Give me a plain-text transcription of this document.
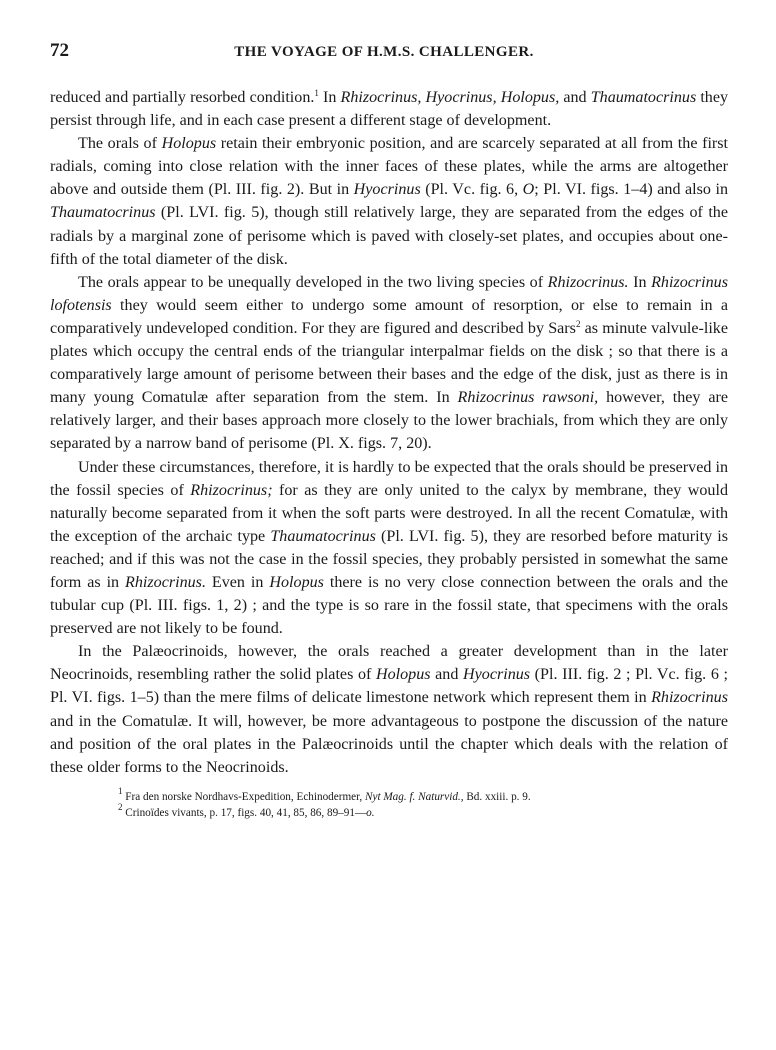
72	THE VOYAGE OF H.M.S. CHALLENGER.

reduced and partially resorbed condition.$^1$ In Rhizocrinus, Hyocrinus, Holopus, and Thaumatocrinus they persist through life, and in each case present a different stage of development.

The orals of Holopus retain their embryonic position, and are scarcely separated at all from the first radials, coming into close relation with the inner faces of these plates, while the arms are altogether above and outside them (Pl. III. fig. 2). But in Hyocrinus (Pl. Vc. fig. 6, O; Pl. VI. figs. 1–4) and also in Thaumatocrinus (Pl. LVI. fig. 5), though still relatively large, they are separated from the edges of the radials by a marginal zone of perisome which is paved with closely-set plates, and occupies about one-fifth of the total diameter of the disk.

The orals appear to be unequally developed in the two living species of Rhizocrinus. In Rhizocrinus lofotensis they would seem either to undergo some amount of resorption, or else to remain in a comparatively undeveloped condition. For they are figured and described by Sars$^2$ as minute valvule-like plates which occupy the central ends of the triangular interpalmar fields on the disk ; so that there is a comparatively large amount of perisome between their bases and the edge of the disk, just as there is in many young Comatulæ after separation from the stem. In Rhizocrinus rawsoni, however, they are relatively larger, and their bases approach more closely to the lower brachials, from which they are only separated by a narrow band of perisome (Pl. X. figs. 7, 20).

Under these circumstances, therefore, it is hardly to be expected that the orals should be preserved in the fossil species of Rhizocrinus; for as they are only united to the calyx by membrane, they would naturally become separated from it when the soft parts were destroyed. In all the recent Comatulæ, with the exception of the archaic type Thaumatocrinus (Pl. LVI. fig. 5), they are resorbed before maturity is reached; and if this was not the case in the fossil species, they probably persisted in somewhat the same form as in Rhizocrinus. Even in Holopus there is no very close connection between the orals and the tubular cup (Pl. III. figs. 1, 2) ; and the type is so rare in the fossil state, that specimens with the orals preserved are not likely to be found.

In the Palæocrinoids, however, the orals reached a greater development than in the later Neocrinoids, resembling rather the solid plates of Holopus and Hyocrinus (Pl. III. fig. 2 ; Pl. Vc. fig. 6 ; Pl. VI. figs. 1–5) than the mere films of delicate limestone network which represent them in Rhizocrinus and in the Comatulæ. It will, however, be more advantageous to postpone the discussion of the nature and position of the oral plates in the Palæocrinoids until the chapter which deals with the relation of these older forms to the Neocrinoids.

$^1$ Fra den norske Nordhavs-Expedition, Echinodermer, Nyt Mag. f. Naturvid., Bd. xxiii. p. 9.

$^2$ Crinoïdes vivants, p. 17, figs. 40, 41, 85, 86, 89–91—o.
